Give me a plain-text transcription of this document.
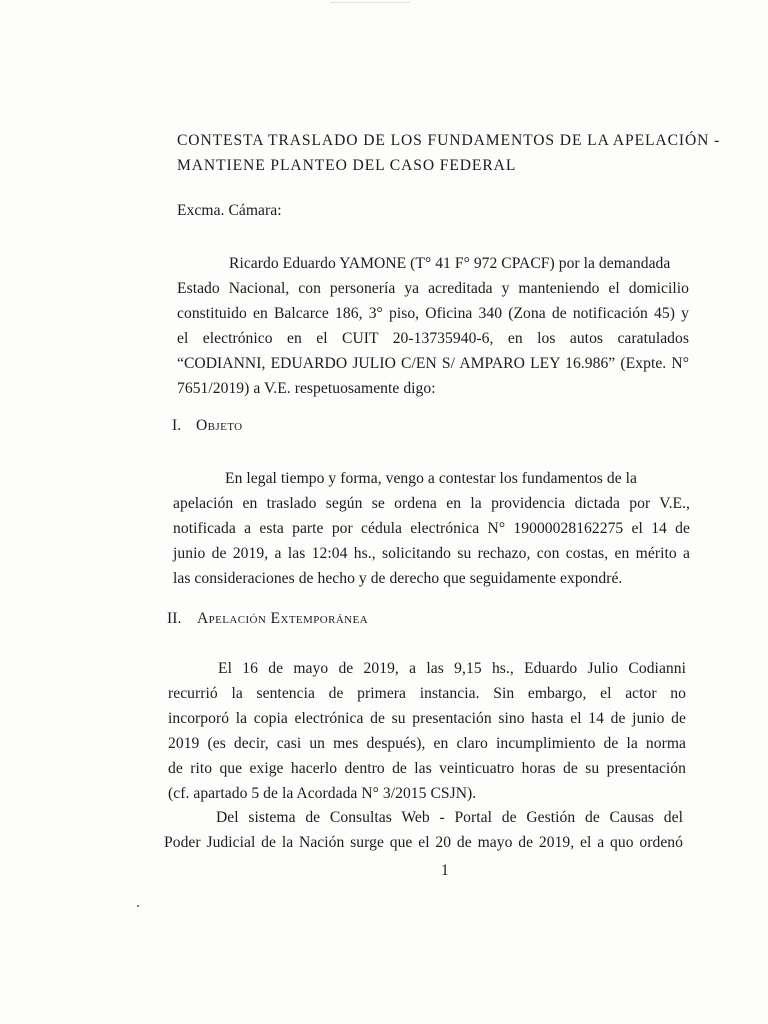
CONTESTA TRASLADO DE LOS FUNDAMENTOS DE LA APELACIÓN -
MANTIENE PLANTEO DEL CASO FEDERAL
Excma. Cámara:
Ricardo Eduardo YAMONE (T° 41 F° 972 CPACF) por la demandada
Estado Nacional, con personería ya acreditada y manteniendo el domicilio
constituido en Balcarce 186, 3° piso, Oficina 340 (Zona de notificación 45) y
el electrónico en el CUIT 20-13735940-6, en los autos caratulados
“CODIANNI, EDUARDO JULIO C/EN S/ AMPARO LEY 16.986” (Expte. N°
7651/2019) a V.E. respetuosamente digo:
I. Objeto
En legal tiempo y forma, vengo a contestar los fundamentos de la
apelación en traslado según se ordena en la providencia dictada por V.E.,
notificada a esta parte por cédula electrónica N° 19000028162275 el 14 de
junio de 2019, a las 12:04 hs., solicitando su rechazo, con costas, en mérito a
las consideraciones de hecho y de derecho que seguidamente expondré.
II. Apelación Extemporánea
El 16 de mayo de 2019, a las 9,15 hs., Eduardo Julio Codianni
recurrió la sentencia de primera instancia. Sin embargo, el actor no
incorporó la copia electrónica de su presentación sino hasta el 14 de junio de
2019 (es decir, casi un mes después), en claro incumplimiento de la norma
de rito que exige hacerlo dentro de las veinticuatro horas de su presentación
(cf. apartado 5 de la Acordada N° 3/2015 CSJN).
Del sistema de Consultas Web - Portal de Gestión de Causas del
Poder Judicial de la Nación surge que el 20 de mayo de 2019, el a quo ordenó
1
